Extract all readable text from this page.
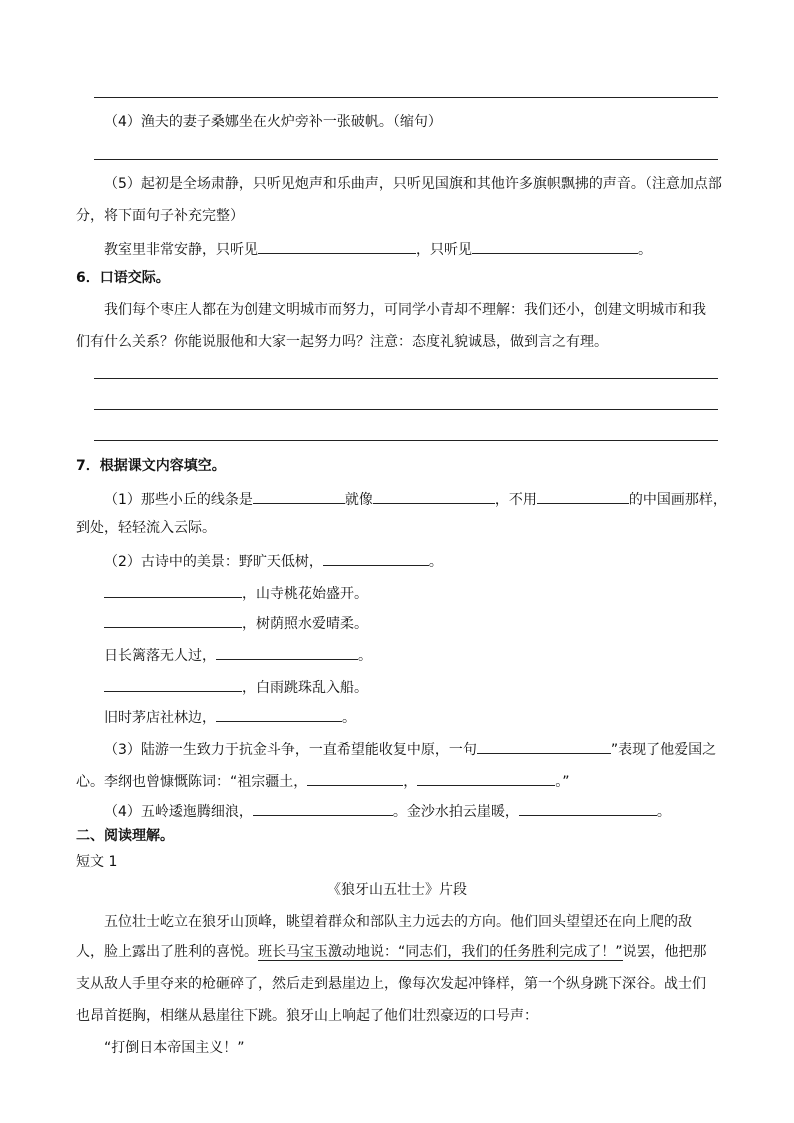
（4）渔夫的妻子桑娜坐在火炉旁补一张破帆。（缩句）
（5）起初是全场肃静，只听见炮声和乐曲声，只听见国旗和其他许多旗帜飘拂的声音。（注意加点部
分，将下面句子补充完整）
教室里非常安静，只听见	，只听见	。
6．口语交际。
我们每个枣庄人都在为创建文明城市而努力，可同学小青却不理解：我们还小，创建文明城市和我
们有什么关系？你能说服他和大家一起努力吗？注意：态度礼貌诚恳，做到言之有理。
7．根据课文内容填空。
（1）那些小丘的线条是	就像	，不用	的中国画那样，
到处，轻轻流入云际。
（2）古诗中的美景：野旷天低树，	。
，山寺桃花始盛开。
，树荫照水爱晴柔。
日长篱落无人过，	。
，白雨跳珠乱入船。
旧时茅店社林边，	。
（3）陆游一生致力于抗金斗争，一直希望能收复中原，一句	”表现了他爱国之
心。李纲也曾慷慨陈词：“祖宗疆土，	，	。”
（4）五岭逶迤腾细浪，	。金沙水拍云崖暖，	。
二、阅读理解。
短文 1
《狼牙山五壮士》片段
五位壮士屹立在狼牙山顶峰，眺望着群众和部队主力远去的方向。他们回头望望还在向上爬的敌
人，脸上露出了胜利的喜悦。班长马宝玉激动地说：“同志们，我们的任务胜利完成了！”说罢，他把那
支从敌人手里夺来的枪砸碎了，然后走到悬崖边上，像每次发起冲锋样，第一个纵身跳下深谷。战士们
也昂首挺胸，相继从悬崖往下跳。狼牙山上响起了他们壮烈豪迈的口号声：
“打倒日本帝国主义！”
